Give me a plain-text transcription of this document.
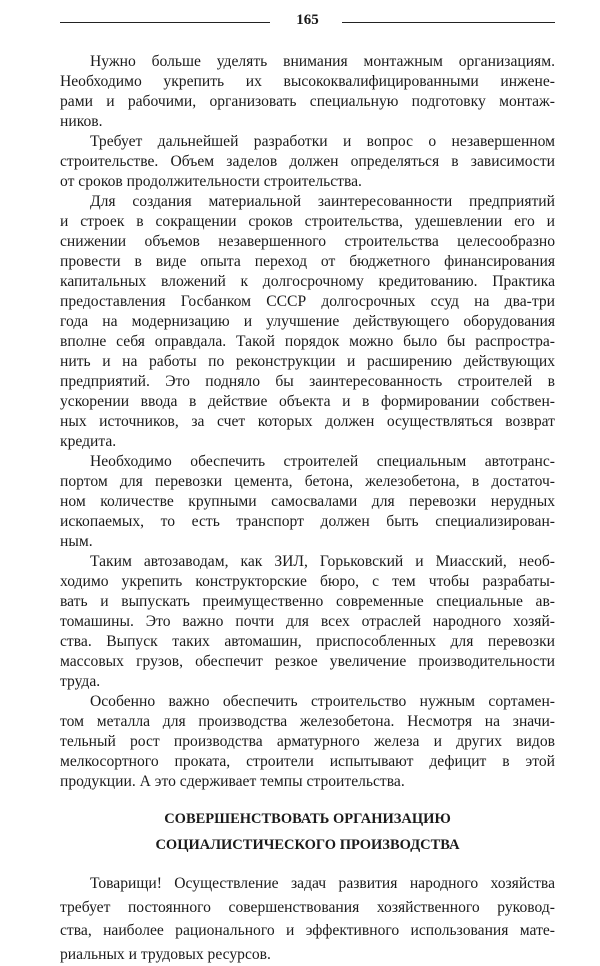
165
Нужно больше уделять внимания монтажным организациям.
Необходимо укрепить их высококвалифицированными инжене-
рами и рабочими, организовать специальную подготовку монтаж-
ников.
Требует дальнейшей разработки и вопрос о незавершенном
строительстве. Объем заделов должен определяться в зависимости
от сроков продолжительности строительства.
Для создания материальной заинтересованности предприятий
и строек в сокращении сроков строительства, удешевлении его и
снижении объемов незавершенного строительства целесообразно
провести в виде опыта переход от бюджетного финансирования
капитальных вложений к долгосрочному кредитованию. Практика
предоставления Госбанком СССР долгосрочных ссуд на два-три
года на модернизацию и улучшение действующего оборудования
вполне себя оправдала. Такой порядок можно было бы распростра-
нить и на работы по реконструкции и расширению действующих
предприятий. Это подняло бы заинтересованность строителей в
ускорении ввода в действие объекта и в формировании собствен-
ных источников, за счет которых должен осуществляться возврат
кредита.
Необходимо обеспечить строителей специальным автотранс-
портом для перевозки цемента, бетона, железобетона, в достаточ-
ном количестве крупными самосвалами для перевозки нерудных
ископаемых, то есть транспорт должен быть специализирован-
ным.
Таким автозаводам, как ЗИЛ, Горьковский и Миасский, необ-
ходимо укрепить конструкторские бюро, с тем чтобы разрабаты-
вать и выпускать преимущественно современные специальные ав-
томашины. Это важно почти для всех отраслей народного хозяй-
ства. Выпуск таких автомашин, приспособленных для перевозки
массовых грузов, обеспечит резкое увеличение производительности
труда.
Особенно важно обеспечить строительство нужным сортамен-
том металла для производства железобетона. Несмотря на значи-
тельный рост производства арматурного железа и других видов
мелкосортного проката, строители испытывают дефицит в этой
продукции. А это сдерживает темпы строительства.
СОВЕРШЕНСТВОВАТЬ ОРГАНИЗАЦИЮ
СОЦИАЛИСТИЧЕСКОГО ПРОИЗВОДСТВА
Товарищи! Осуществление задач развития народного хозяйства
требует постоянного совершенствования хозяйственного руковод-
ства, наиболее рационального и эффективного использования мате-
риальных и трудовых ресурсов.
